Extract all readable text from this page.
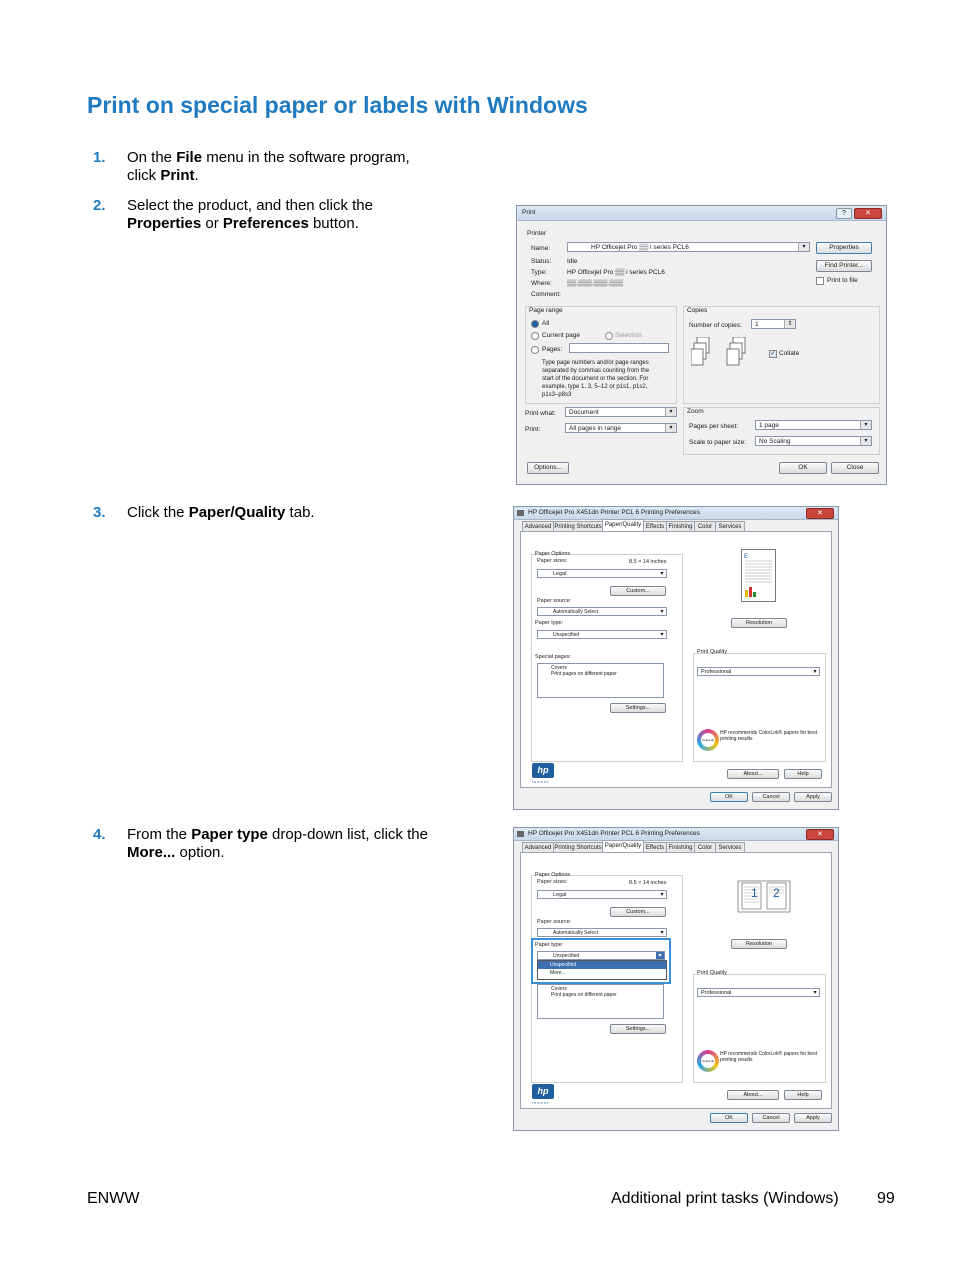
Print on special paper or labels with Windows
1. On the File menu in the software program,
click Print.
2. Select the product, and then click the
Properties or Preferences button.
3. Click the Paper/Quality tab.
4. From the Paper type drop-down list, click the
More... option.
Print	?	✕
Printer
Name:	HP Officejet Pro ▒▒ i series PCL6	▾
Status: Idle
Type:	HP Officejet Pro ▒▒ i series PCL6
Where: ▒▒.▒▒▒.▒▒▒.▒▒▒
Comment:
Properties
Find Printer...
Print to file
Page range
All
Current page	Selection
Pages:
Type page numbers and/or page ranges
separated by commas counting from the
start of the document or the section. For
example, type 1, 3, 5–12 or p1s1, p1s2,
p1s3–p8s3
Copies
Number of copies:	1	⇕
✓ Collate
Print what:	Document	▾
Print:	All pages in range	▾
Zoom
Pages per sheet:	1 page	▾
Scale to paper size:	No Scaling	▾
Options...	OK	Close
HP Officejet Pro X451dn Printer PCL 6 Printing Preferences	✕
Advanced Printing Shortcuts Paper/Quality Effects Finishing Color	Services
Paper Options
Paper sizes:	8.5 × 14 inches
Legal	▾
Custom...
Paper source:
Automatically Select	▾
Paper type:
Unspecified	▾
Special pages:
Covers
Print pages on different paper
Settings...
E
Resolution
Print Quality
Professional	▾
ColorLok
HP recommends ColorLok® papers for best printing results
hp
i n v e n t
About...	Help
OK	Cancel	Apply
HP Officejet Pro X451dn Printer PCL 6 Printing Preferences	✕
Advanced Printing Shortcuts Paper/Quality Effects Finishing Color	Services
Paper Options
Paper sizes:	8.5 × 14 inches
Legal	▾
Custom...
Paper source:
Automatically Select	▾
Paper type:
Unspecified	▾
Unspecified
More...
Covers
Print pages on different paper
Settings...
1 2
Resolution
Print Quality
Professional	▾
ColorLok
HP recommends ColorLok® papers for best printing results
hp
i n v e n t
About...	Help
OK	Cancel	Apply
ENWW	Additional print tasks (Windows) 99
